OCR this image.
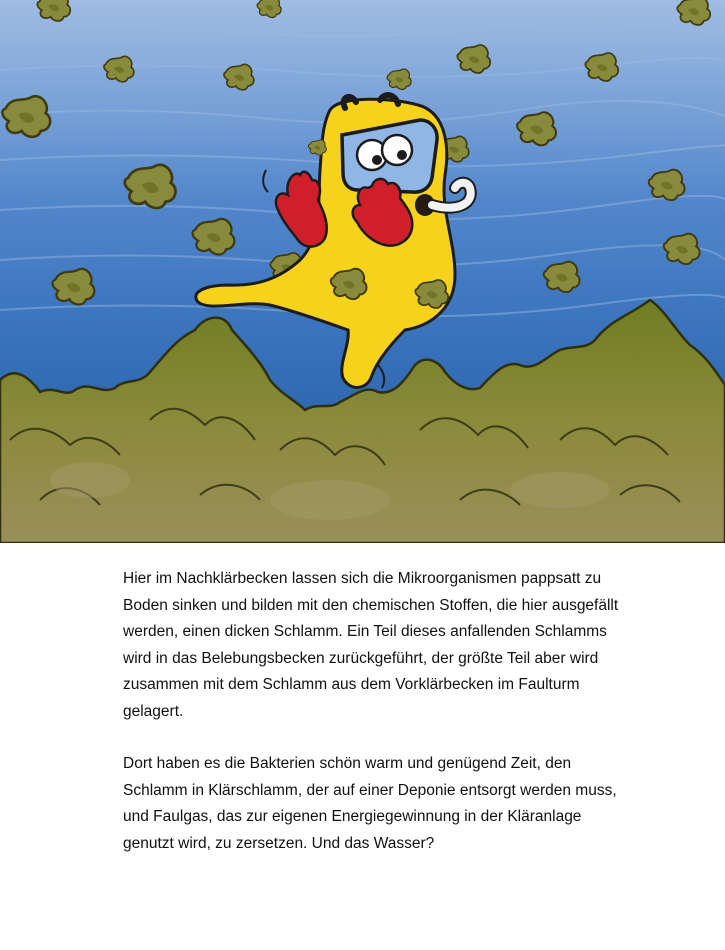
Hier im Nachklärbecken lassen sich die Mikroorganismen pappsatt zu Boden sinken und bilden mit den chemischen Stoffen, die hier ausgefällt werden, einen dicken Schlamm. Ein Teil dieses anfallenden Schlamms wird in das Belebungsbecken zurückgeführt, der größte Teil aber wird zusammen mit dem Schlamm aus dem Vorklärbecken im Faulturm gelagert.

Dort haben es die Bakterien schön warm und genügend Zeit, den Schlamm in Klärschlamm, der auf einer Deponie entsorgt werden muss, und Faulgas, das zur eigenen Energiegewinnung in der Kläranlage genutzt wird, zu zersetzen. Und das Wasser?
